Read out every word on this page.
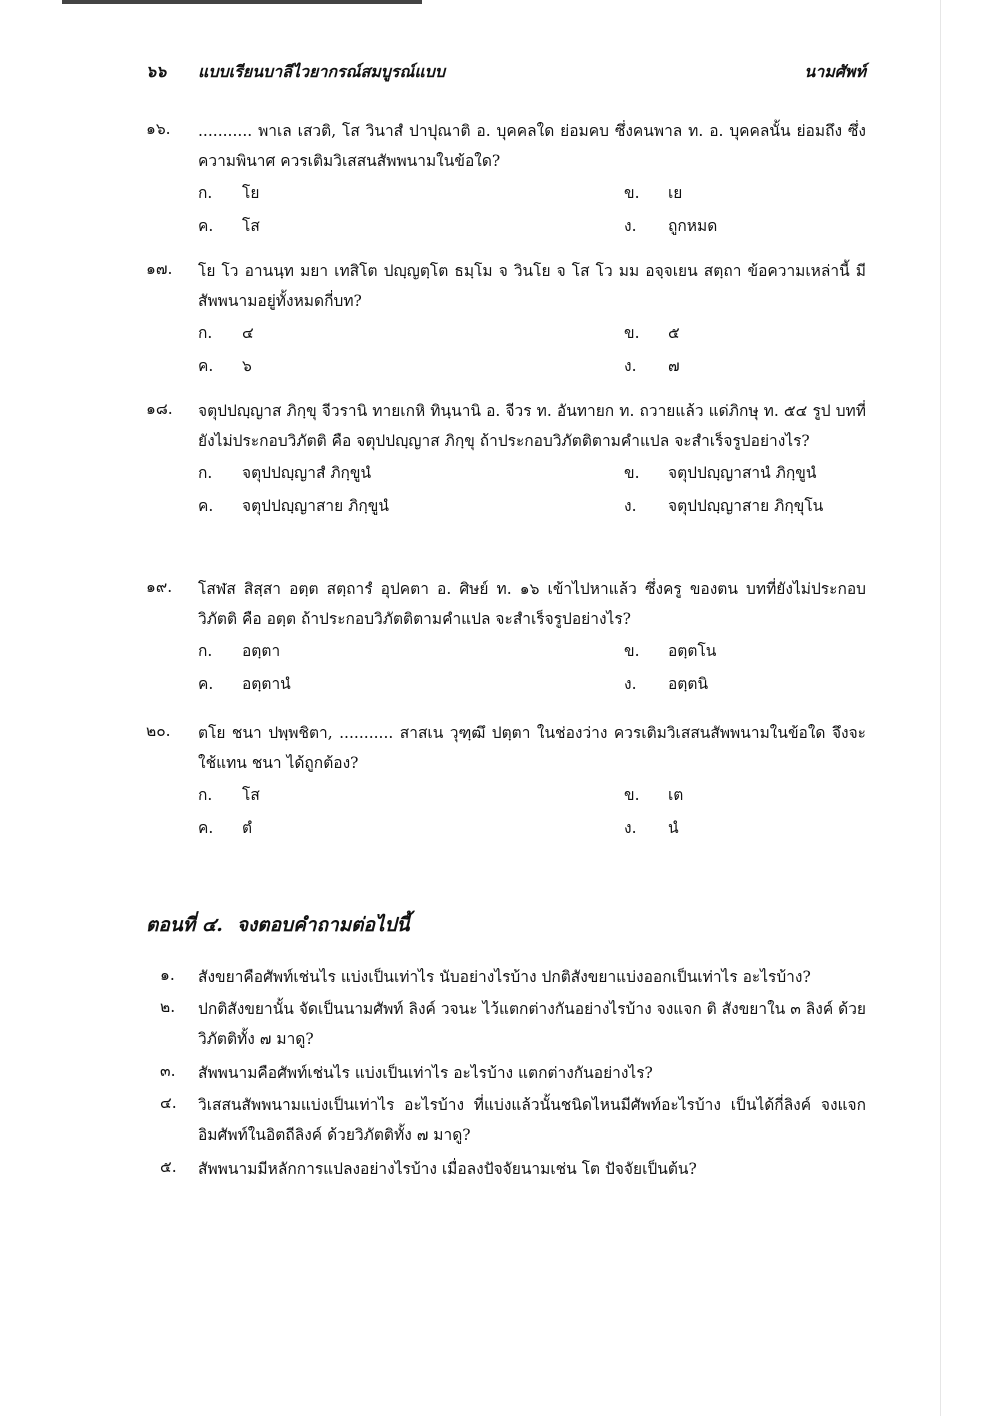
๖๖ แบบเรียนบาลีไวยากรณ์สมบูรณ์แบบ	นามศัพท์
๑๖. ........... พาเล เสวติ, โส วินาสํ ปาปุณาติ อ. บุคคลใด ย่อมคบ ซึ่งคนพาล ท. อ. บุคคลนั้น ย่อมถึง ซึ่งความพินาศ ควรเติมวิเสสนสัพพนามในข้อใด?
ก. โย	ข. เย
ค. โส	ง. ถูกหมด
๑๗. โย โว อานนฺท มยา เทสิโต ปญฺญตฺโต ธมฺโม จ วินโย จ โส โว มม อจฺจเยน สตฺถา ข้อความเหล่านี้ มีสัพพนามอยู่ทั้งหมดกี่บท?
ก. ๔	ข. ๕
ค. ๖	ง. ๗
๑๘. จตุปปญฺญาส ภิกฺขุ จีวรานิ ทายเกหิ ทินฺนานิ อ. จีวร ท. อันทายก ท. ถวายแล้ว แด่ภิกษุ ท. ๕๔ รูป บทที่ยังไม่ประกอบวิภัตติ คือ จตุปปญฺญาส ภิกฺขุ ถ้าประกอบวิภัตติตามคำแปล จะสำเร็จรูปอย่างไร?
ก. จตุปปญฺญาสํ ภิกฺขูนํ	ข. จตุปปญฺญาสานํ ภิกฺขูนํ
ค. จตุปปญฺญาสาย ภิกฺขูนํ	ง. จตุปปญฺญาสาย ภิกฺขุโน
๑๙. โสฬส สิสฺสา อตฺต สตฺถารํ อุปคตา อ. ศิษย์ ท. ๑๖ เข้าไปหาแล้ว ซึ่งครู ของตน บทที่ยังไม่ประกอบวิภัตติ คือ อตฺต ถ้าประกอบวิภัตติตามคำแปล จะสำเร็จรูปอย่างไร?
ก. อตฺตา	ข. อตฺตโน
ค. อตฺตานํ	ง. อตฺตนิ
๒๐. ตโย ชนา ปพฺพชิตา, ........... สาสเน วุฑฺฒึ ปตฺตา ในช่องว่าง ควรเติมวิเสสนสัพพนามในข้อใด จึงจะใช้แทน ชนา ได้ถูกต้อง?
ก. โส	ข. เต
ค. ตํ	ง. นํ
ตอนที่ ๔. จงตอบคำถามต่อไปนี้
๑. สังขยาคือศัพท์เช่นไร แบ่งเป็นเท่าไร นับอย่างไรบ้าง ปกติสังขยาแบ่งออกเป็นเท่าไร อะไรบ้าง?
๒. ปกติสังขยานั้น จัดเป็นนามศัพท์ ลิงค์ วจนะ ไว้แตกต่างกันอย่างไรบ้าง จงแจก ติ สังขยาใน ๓ ลิงค์ ด้วยวิภัตติทั้ง ๗ มาดู?
๓. สัพพนามคือศัพท์เช่นไร แบ่งเป็นเท่าไร อะไรบ้าง แตกต่างกันอย่างไร?
๔. วิเสสนสัพพนามแบ่งเป็นเท่าไร อะไรบ้าง ที่แบ่งแล้วนั้นชนิดไหนมีศัพท์อะไรบ้าง เป็นได้กี่ลิงค์ จงแจก อิมศัพท์ในอิตถีลิงค์ ด้วยวิภัตติทั้ง ๗ มาดู?
๕. สัพพนามมีหลักการแปลงอย่างไรบ้าง เมื่อลงปัจจัยนามเช่น โต ปัจจัยเป็นต้น?
